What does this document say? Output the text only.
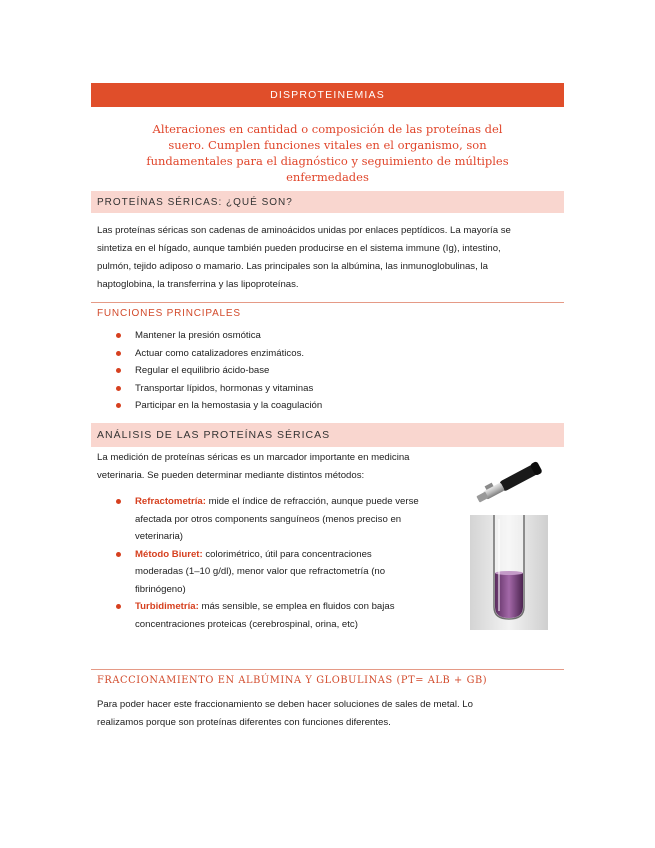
DISPROTEINEMIAS
Alteraciones en cantidad o composición de las proteínas del suero. Cumplen funciones vitales en el organismo, son fundamentales para el diagnóstico y seguimiento de múltiples enfermedades
PROTEÍNAS SÉRICAS: ¿QUÉ SON?
Las proteínas séricas son cadenas de aminoácidos unidas por enlaces peptídicos. La mayoría se
sintetiza en el hígado, aunque también pueden producirse en el sistema immune (Ig), intestino,
pulmón, tejido adiposo o mamario. Las principales son la albúmina, las inmunoglobulinas, la
haptoglobina, la transferrina y las lipoproteínas.
FUNCIONES PRINCIPALES
Mantener la presión osmótica
Actuar como catalizadores enzimáticos.
Regular el equilibrio ácido-base
Transportar lípidos, hormonas y vitaminas
Participar en la hemostasia y la coagulación
ANÁLISIS DE LAS PROTEÍNAS SÉRICAS
La medición de proteínas séricas es un marcador importante en medicina
veterinaria. Se pueden determinar mediante distintos métodos:
Refractometría: mide el índice de refracción, aunque puede verse
afectada por otros components sanguíneos (menos preciso en
veterinaria)
Método Biuret: colorimétrico, útil para concentraciones
moderadas (1–10 g/dl), menor valor que refractometría (no
fibrinógeno)
Turbidimetría: más sensible, se emplea en fluidos con bajas
concentraciones proteicas (cerebrospinal, orina, etc)
FRACCIONAMIENTO EN ALBÚMINA Y GLOBULINAS (PT= ALB + GB)
Para poder hacer este fraccionamiento se deben hacer soluciones de sales de metal. Lo
realizamos porque son proteínas diferentes con funciones diferentes.
